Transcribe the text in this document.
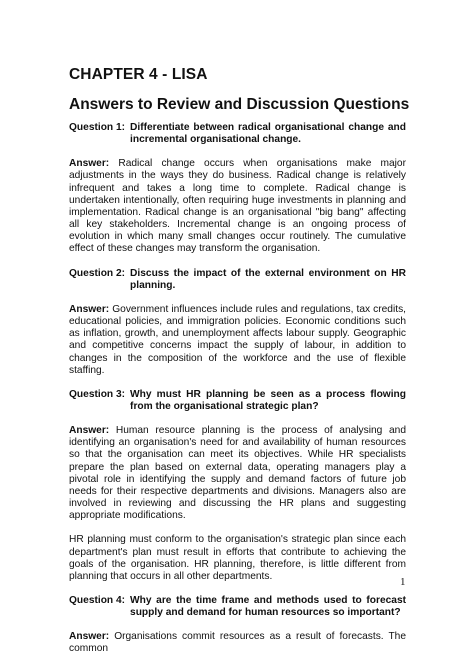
CHAPTER 4 - LISA
Answers to Review and Discussion Questions
Question 1: Differentiate between radical organisational change and incremental organisational change.
Answer: Radical change occurs when organisations make major adjustments in the ways they do business. Radical change is relatively infrequent and takes a long time to complete. Radical change is undertaken intentionally, often requiring huge investments in planning and implementation. Radical change is an organisational "big bang" affecting all key stakeholders. Incremental change is an ongoing process of evolution in which many small changes occur routinely. The cumulative effect of these changes may transform the organisation.
Question 2: Discuss the impact of the external environment on HR planning.
Answer: Government influences include rules and regulations, tax credits, educational policies, and immigration policies. Economic conditions such as inflation, growth, and unemployment affects labour supply. Geographic and competitive concerns impact the supply of labour, in addition to changes in the composition of the workforce and the use of flexible staffing.
Question 3: Why must HR planning be seen as a process flowing from the organisational strategic plan?
Answer: Human resource planning is the process of analysing and identifying an organisation's need for and availability of human resources so that the organisation can meet its objectives. While HR specialists prepare the plan based on external data, operating managers play a pivotal role in identifying the supply and demand factors of future job needs for their respective departments and divisions. Managers also are involved in reviewing and discussing the HR plans and suggesting appropriate modifications.
HR planning must conform to the organisation's strategic plan since each department's plan must result in efforts that contribute to achieving the goals of the organisation. HR planning, therefore, is little different from planning that occurs in all other departments.
Question 4: Why are the time frame and methods used to forecast supply and demand for human resources so important?
Answer: Organisations commit resources as a result of forecasts. The common
1
